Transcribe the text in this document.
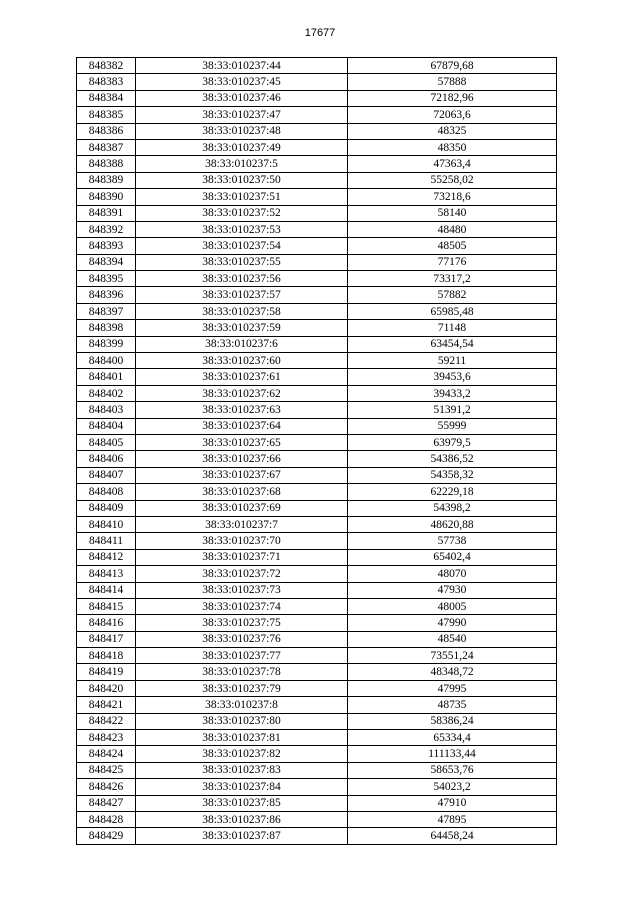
17677
848382	38:33:010237:44	67879,68
848383	38:33:010237:45	57888
848384	38:33:010237:46	72182,96
848385	38:33:010237:47	72063,6
848386	38:33:010237:48	48325
848387	38:33:010237:49	48350
848388	38:33:010237:5	47363,4
848389	38:33:010237:50	55258,02
848390	38:33:010237:51	73218,6
848391	38:33:010237:52	58140
848392	38:33:010237:53	48480
848393	38:33:010237:54	48505
848394	38:33:010237:55	77176
848395	38:33:010237:56	73317,2
848396	38:33:010237:57	57882
848397	38:33:010237:58	65985,48
848398	38:33:010237:59	71148
848399	38:33:010237:6	63454,54
848400	38:33:010237:60	59211
848401	38:33:010237:61	39453,6
848402	38:33:010237:62	39433,2
848403	38:33:010237:63	51391,2
848404	38:33:010237:64	55999
848405	38:33:010237:65	63979,5
848406	38:33:010237:66	54386,52
848407	38:33:010237:67	54358,32
848408	38:33:010237:68	62229,18
848409	38:33:010237:69	54398,2
848410	38:33:010237:7	48620,88
848411	38:33:010237:70	57738
848412	38:33:010237:71	65402,4
848413	38:33:010237:72	48070
848414	38:33:010237:73	47930
848415	38:33:010237:74	48005
848416	38:33:010237:75	47990
848417	38:33:010237:76	48540
848418	38:33:010237:77	73551,24
848419	38:33:010237:78	48348,72
848420	38:33:010237:79	47995
848421	38:33:010237:8	48735
848422	38:33:010237:80	58386,24
848423	38:33:010237:81	65334,4
848424	38:33:010237:82	111133,44
848425	38:33:010237:83	58653,76
848426	38:33:010237:84	54023,2
848427	38:33:010237:85	47910
848428	38:33:010237:86	47895
848429	38:33:010237:87	64458,24
